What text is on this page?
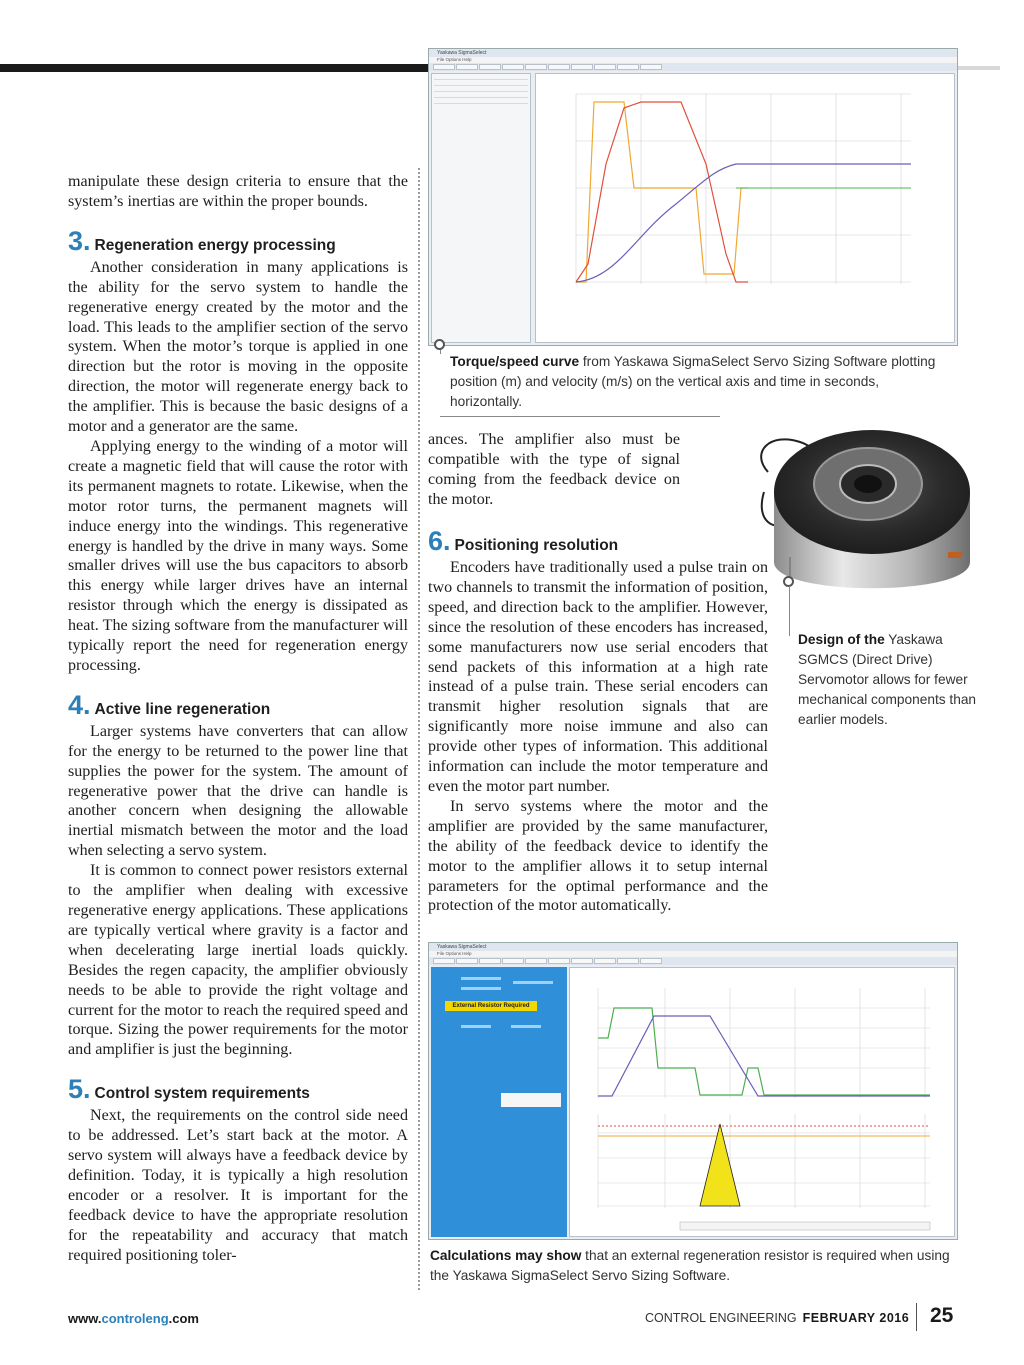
Yaskawa SigmaSelect
File Options Help
Torque/speed curve from Yaskawa SigmaSelect Servo Sizing Software plotting position (m) and velocity (m/s) on the vertical axis and time in seconds, horizontally.

manipulate these design criteria to ensure that the system’s inertias are within the proper bounds.

3. Regeneration energy processing

Another consideration in many applications is the ability for the servo system to handle the regenerative energy created by the motor and the load. This leads to the amplifier section of the servo system. When the motor’s torque is applied in one direction but the rotor is moving in the opposite direction, the motor will regenerate energy back to the amplifier. This is because the basic designs of a motor and a generator are the same.

Applying energy to the winding of a motor will create a magnetic field that will cause the rotor with its permanent magnets to rotate. Likewise, when the motor rotor turns, the permanent magnets will induce energy into the windings. This regenerative energy is handled by the drive in many ways. Some smaller drives will use the bus capacitors to absorb this energy while larger drives have an internal resistor through which the energy is dissipated as heat. The sizing software from the manufacturer will typically report the need for regeneration energy processing.

4. Active line regeneration

Larger systems have converters that can allow for the energy to be returned to the power line that supplies the power for the system. The amount of regenerative power that the drive can handle is another concern when designing the allowable inertial mismatch between the motor and the load when selecting a servo system.

It is common to connect power resistors external to the amplifier when dealing with excessive regenerative energy applications. These applications are typically vertical where gravity is a factor and when decelerating large inertial loads quickly. Besides the regen capacity, the amplifier obviously needs to be able to provide the right voltage and current for the motor to reach the required speed and torque. Sizing the power requirements for the motor and amplifier is just the beginning.

5. Control system requirements

Next, the requirements on the control side need to be addressed. Let’s start back at the motor. A servo system will always have a feedback device by definition. Today, it is typically a high resolution encoder or a resolver. It is important for the feedback device to have the appropriate resolution for the repeatability and accuracy that match required positioning toler-

ances. The amplifier also must be compatible with the type of signal coming from the feedback device on the motor.

Design of the Yaskawa SGMCS (Direct Drive) Servomotor allows for fewer mechanical components than earlier models.
6. Positioning resolution

Encoders have traditionally used a pulse train on two channels to transmit the information of position, speed, and direction back to the amplifier. However, since the resolution of these encoders has increased, some manufacturers now use serial encoders that send packets of this information at a high rate instead of a pulse train. These serial encoders can transmit higher resolution signals that are significantly more noise immune and also can provide other types of information. This additional information can include the motor temperature and even the motor part number.

In servo systems where the motor and the amplifier are provided by the same manufacturer, the ability of the feedback device to identify the motor to the amplifier allows it to setup internal parameters for the optimal performance and the protection of the motor automatically.

Yaskawa SigmaSelect
File Options Help
External Resistor Required
Calculations may show that an external regeneration resistor is required when using the Yaskawa SigmaSelect Servo Sizing Software.
www.controleng.com	CONTROL ENGINEERING FEBRUARY 2016 25
